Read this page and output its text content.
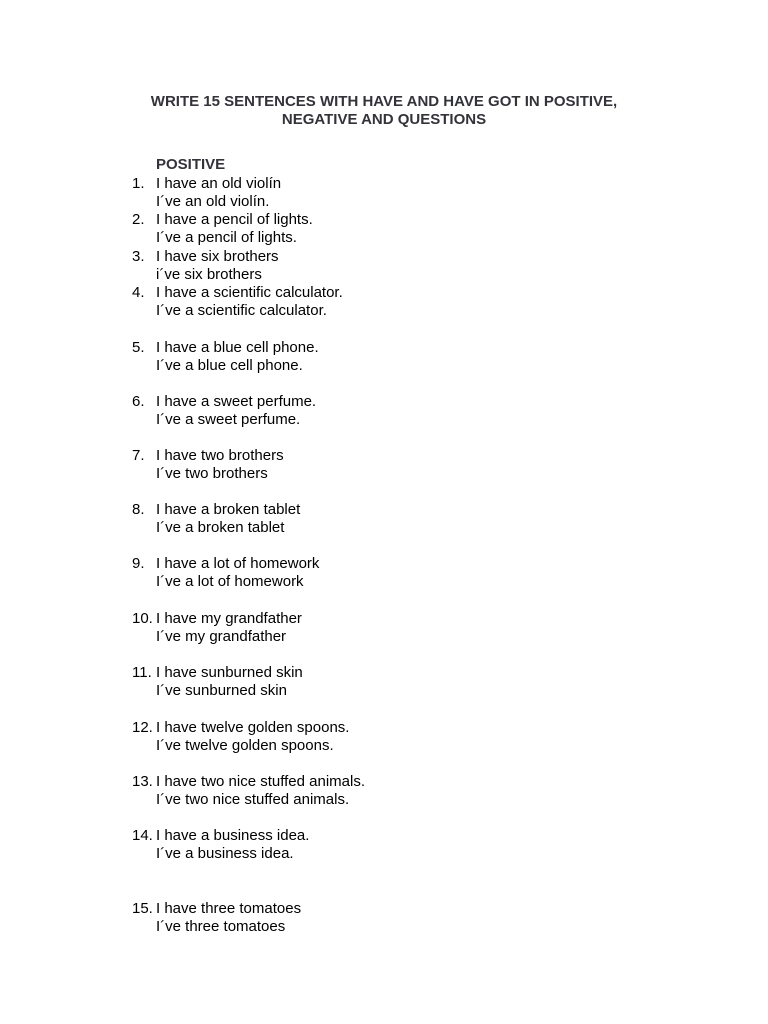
WRITE 15 SENTENCES WITH HAVE AND HAVE GOT IN POSITIVE,
NEGATIVE AND QUESTIONS
POSITIVE
1. I have an old violín
I´ve an old violín.
2. I have a pencil of lights.
I´ve a pencil of lights.
3. I have six brothers
i´ve six brothers
4. I have a scientific calculator.
I´ve a scientific calculator.
5. I have a blue cell phone.
I´ve a blue cell phone.
6. I have a sweet perfume.
I´ve a sweet perfume.
7. I have two brothers
I´ve two brothers
8. I have a broken tablet
I´ve a broken tablet
9. I have a lot of homework
I´ve a lot of homework
10. I have my grandfather
I´ve my grandfather
11. I have sunburned skin
I´ve sunburned skin
12. I have twelve golden spoons.
I´ve twelve golden spoons.
13. I have two nice stuffed animals.
I´ve two nice stuffed animals.
14. I have a business idea.
I´ve a business idea.
15. I have three tomatoes
I´ve three tomatoes
